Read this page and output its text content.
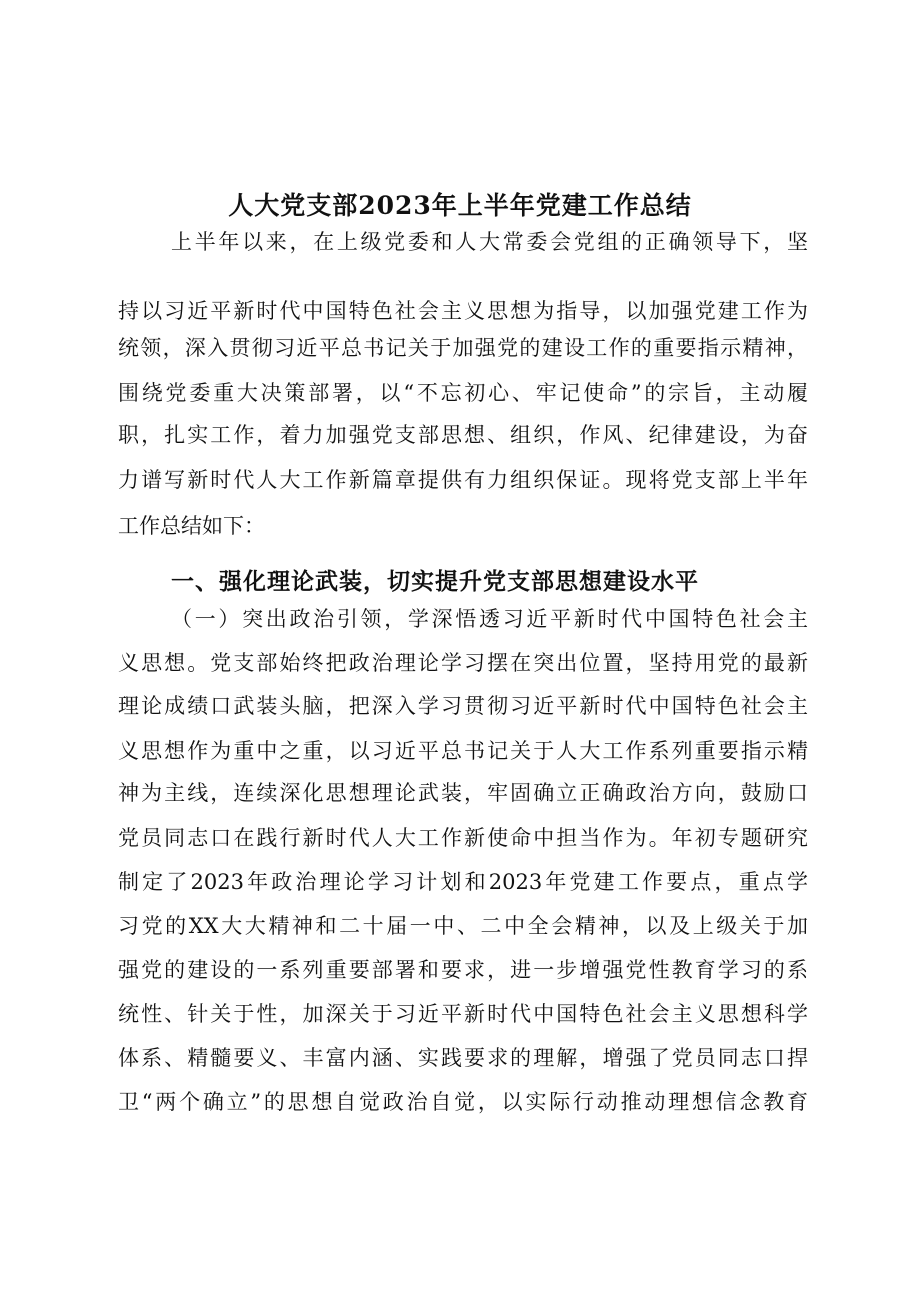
人大党支部2023年上半年党建工作总结
上半年以来，在上级党委和人大常委会党组的正确领导下，坚
持以习近平新时代中国特色社会主义思想为指导，以加强党建工作为
统领，深入贯彻习近平总书记关于加强党的建设工作的重要指示精神，
围绕党委重大决策部署，以“不忘初心、牢记使命”的宗旨，主动履
职，扎实工作，着力加强党支部思想、组织，作风、纪律建设，为奋
力谱写新时代人大工作新篇章提供有力组织保证。现将党支部上半年
工作总结如下：
一、强化理论武装，切实提升党支部思想建设水平
（一）突出政治引领，学深悟透习近平新时代中国特色社会主
义思想。党支部始终把政治理论学习摆在突出位置，坚持用党的最新
理论成绩口武装头脑，把深入学习贯彻习近平新时代中国特色社会主
义思想作为重中之重，以习近平总书记关于人大工作系列重要指示精
神为主线，连续深化思想理论武装，牢固确立正确政治方向，鼓励口
党员同志口在践行新时代人大工作新使命中担当作为。年初专题研究
制定了2023年政治理论学习计划和2023年党建工作要点，重点学
习党的XX大大精神和二十届一中、二中全会精神，以及上级关于加
强党的建设的一系列重要部署和要求，进一步增强党性教育学习的系
统性、针关于性，加深关于习近平新时代中国特色社会主义思想科学
体系、精髓要义、丰富内涵、实践要求的理解，增强了党员同志口捍
卫“两个确立”的思想自觉政治自觉，以实际行动推动理想信念教育
